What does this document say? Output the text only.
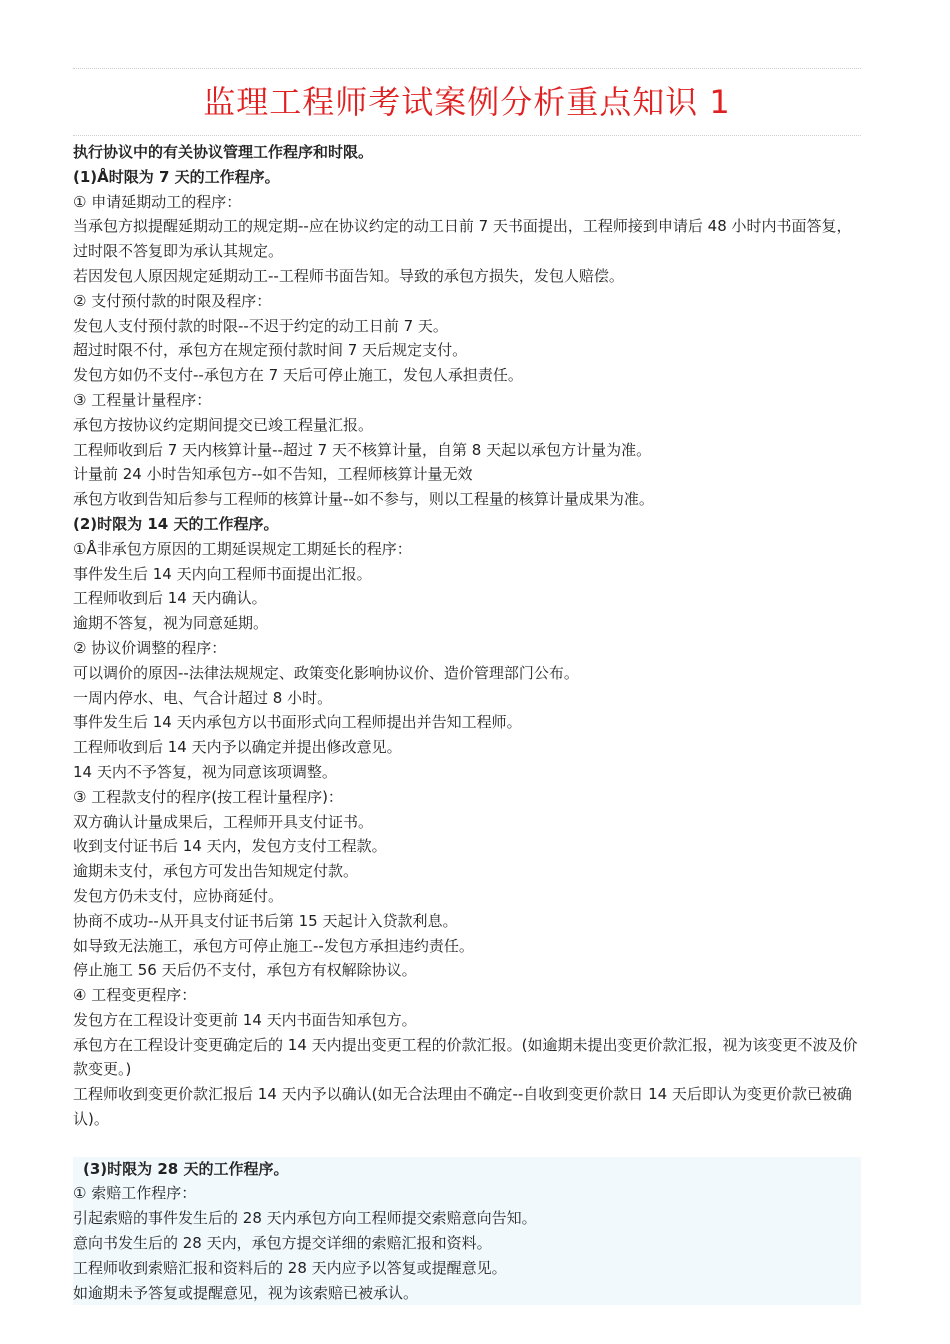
监理工程师考试案例分析重点知识 1
执行协议中的有关协议管理工作程序和时限。
(1)Å时限为 7 天的工作程序。
① 申请延期动工的程序：
当承包方拟提醒延期动工的规定期--应在协议约定的动工日前 7 天书面提出，工程师接到申请后 48 小时内书面答复，过时限不答复即为承认其规定。
若因发包人原因规定延期动工--工程师书面告知。导致的承包方损失，发包人赔偿。
② 支付预付款的时限及程序：
发包人支付预付款的时限--不迟于约定的动工日前 7 天。
超过时限不付，承包方在规定预付款时间 7 天后规定支付。
发包方如仍不支付--承包方在 7 天后可停止施工，发包人承担责任。
③ 工程量计量程序：
承包方按协议约定期间提交已竣工程量汇报。
工程师收到后 7 天内核算计量--超过 7 天不核算计量，自第 8 天起以承包方计量为准。
计量前 24 小时告知承包方--如不告知，工程师核算计量无效
承包方收到告知后参与工程师的核算计量--如不参与，则以工程量的核算计量成果为准。
(2)时限为 14 天的工作程序。
①Å非承包方原因的工期延误规定工期延长的程序：
事件发生后 14 天内向工程师书面提出汇报。
工程师收到后 14 天内确认。
逾期不答复，视为同意延期。
② 协议价调整的程序：
可以调价的原因--法律法规规定、政策变化影响协议价、造价管理部门公布。
一周内停水、电、气合计超过 8 小时。
事件发生后 14 天内承包方以书面形式向工程师提出并告知工程师。
工程师收到后 14 天内予以确定并提出修改意见。
14 天内不予答复，视为同意该项调整。
③ 工程款支付的程序(按工程计量程序)：
双方确认计量成果后，工程师开具支付证书。
收到支付证书后 14 天内，发包方支付工程款。
逾期未支付，承包方可发出告知规定付款。
发包方仍未支付，应协商延付。
协商不成功--从开具支付证书后第 15 天起计入贷款利息。
如导致无法施工，承包方可停止施工--发包方承担违约责任。
停止施工 56 天后仍不支付，承包方有权解除协议。
④ 工程变更程序：
发包方在工程设计变更前 14 天内书面告知承包方。
承包方在工程设计变更确定后的 14 天内提出变更工程的价款汇报。(如逾期未提出变更价款汇报，视为该变更不波及价款变更。)
工程师收到变更价款汇报后 14 天内予以确认(如无合法理由不确定--自收到变更价款日 14 天后即认为变更价款已被确认)。
(3)时限为 28 天的工作程序。
① 索赔工作程序：
引起索赔的事件发生后的 28 天内承包方向工程师提交索赔意向告知。
意向书发生后的 28 天内，承包方提交详细的索赔汇报和资料。
工程师收到索赔汇报和资料后的 28 天内应予以答复或提醒意见。
如逾期未予答复或提醒意见，视为该索赔已被承认。
